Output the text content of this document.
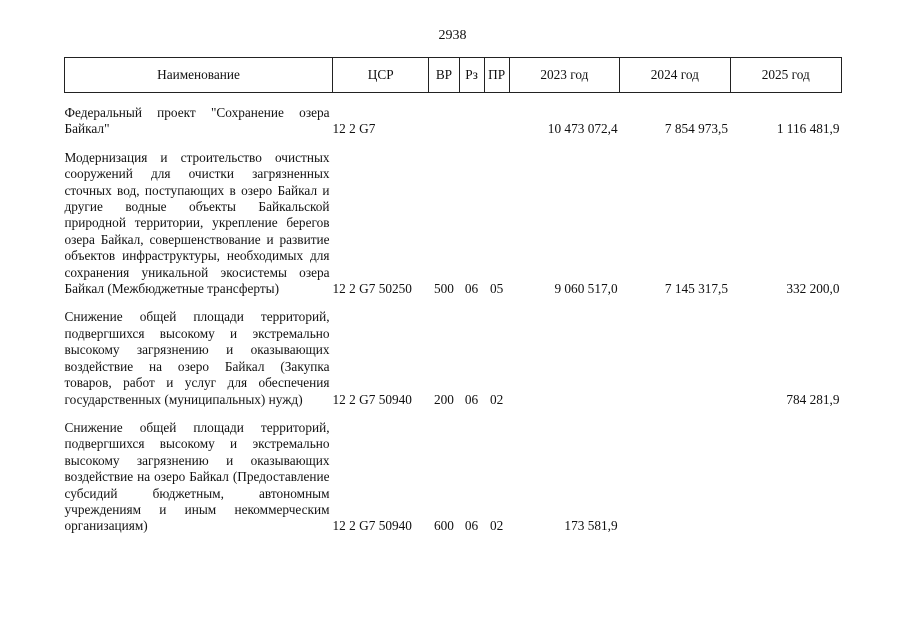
2938
Наименование	ЦСР	ВР	Рз	ПР	2023 год	2024 год	2025 год
Федеральный проект "Сохранение озера Байкал"	12 2 G7				10 473 072,4	7 854 973,5	1 116 481,9
Модернизация и строительство очистных сооружений для очистки загрязненных сточных вод, поступающих в озеро Байкал и другие водные объекты Байкальской природной территории, укрепление берегов озера Байкал, совершенствование и развитие объектов инфраструктуры, необходимых для сохранения уникальной экосистемы озера Байкал (Межбюджетные трансферты)	12 2 G7 50250	500	06	05	9 060 517,0	7 145 317,5	332 200,0
Снижение общей площади территорий, подвергшихся высокому и экстремально высокому загрязнению и оказывающих воздействие на озеро Байкал (Закупка товаров, работ и услуг для обеспечения государственных (муниципальных) нужд)	12 2 G7 50940	200	06	02			784 281,9
Снижение общей площади территорий, подвергшихся высокому и экстремально высокому загрязнению и оказывающих воздействие на озеро Байкал (Предоставление субсидий бюджетным, автономным учреждениям и иным некоммерческим организациям)	12 2 G7 50940	600	06	02	173 581,9		
